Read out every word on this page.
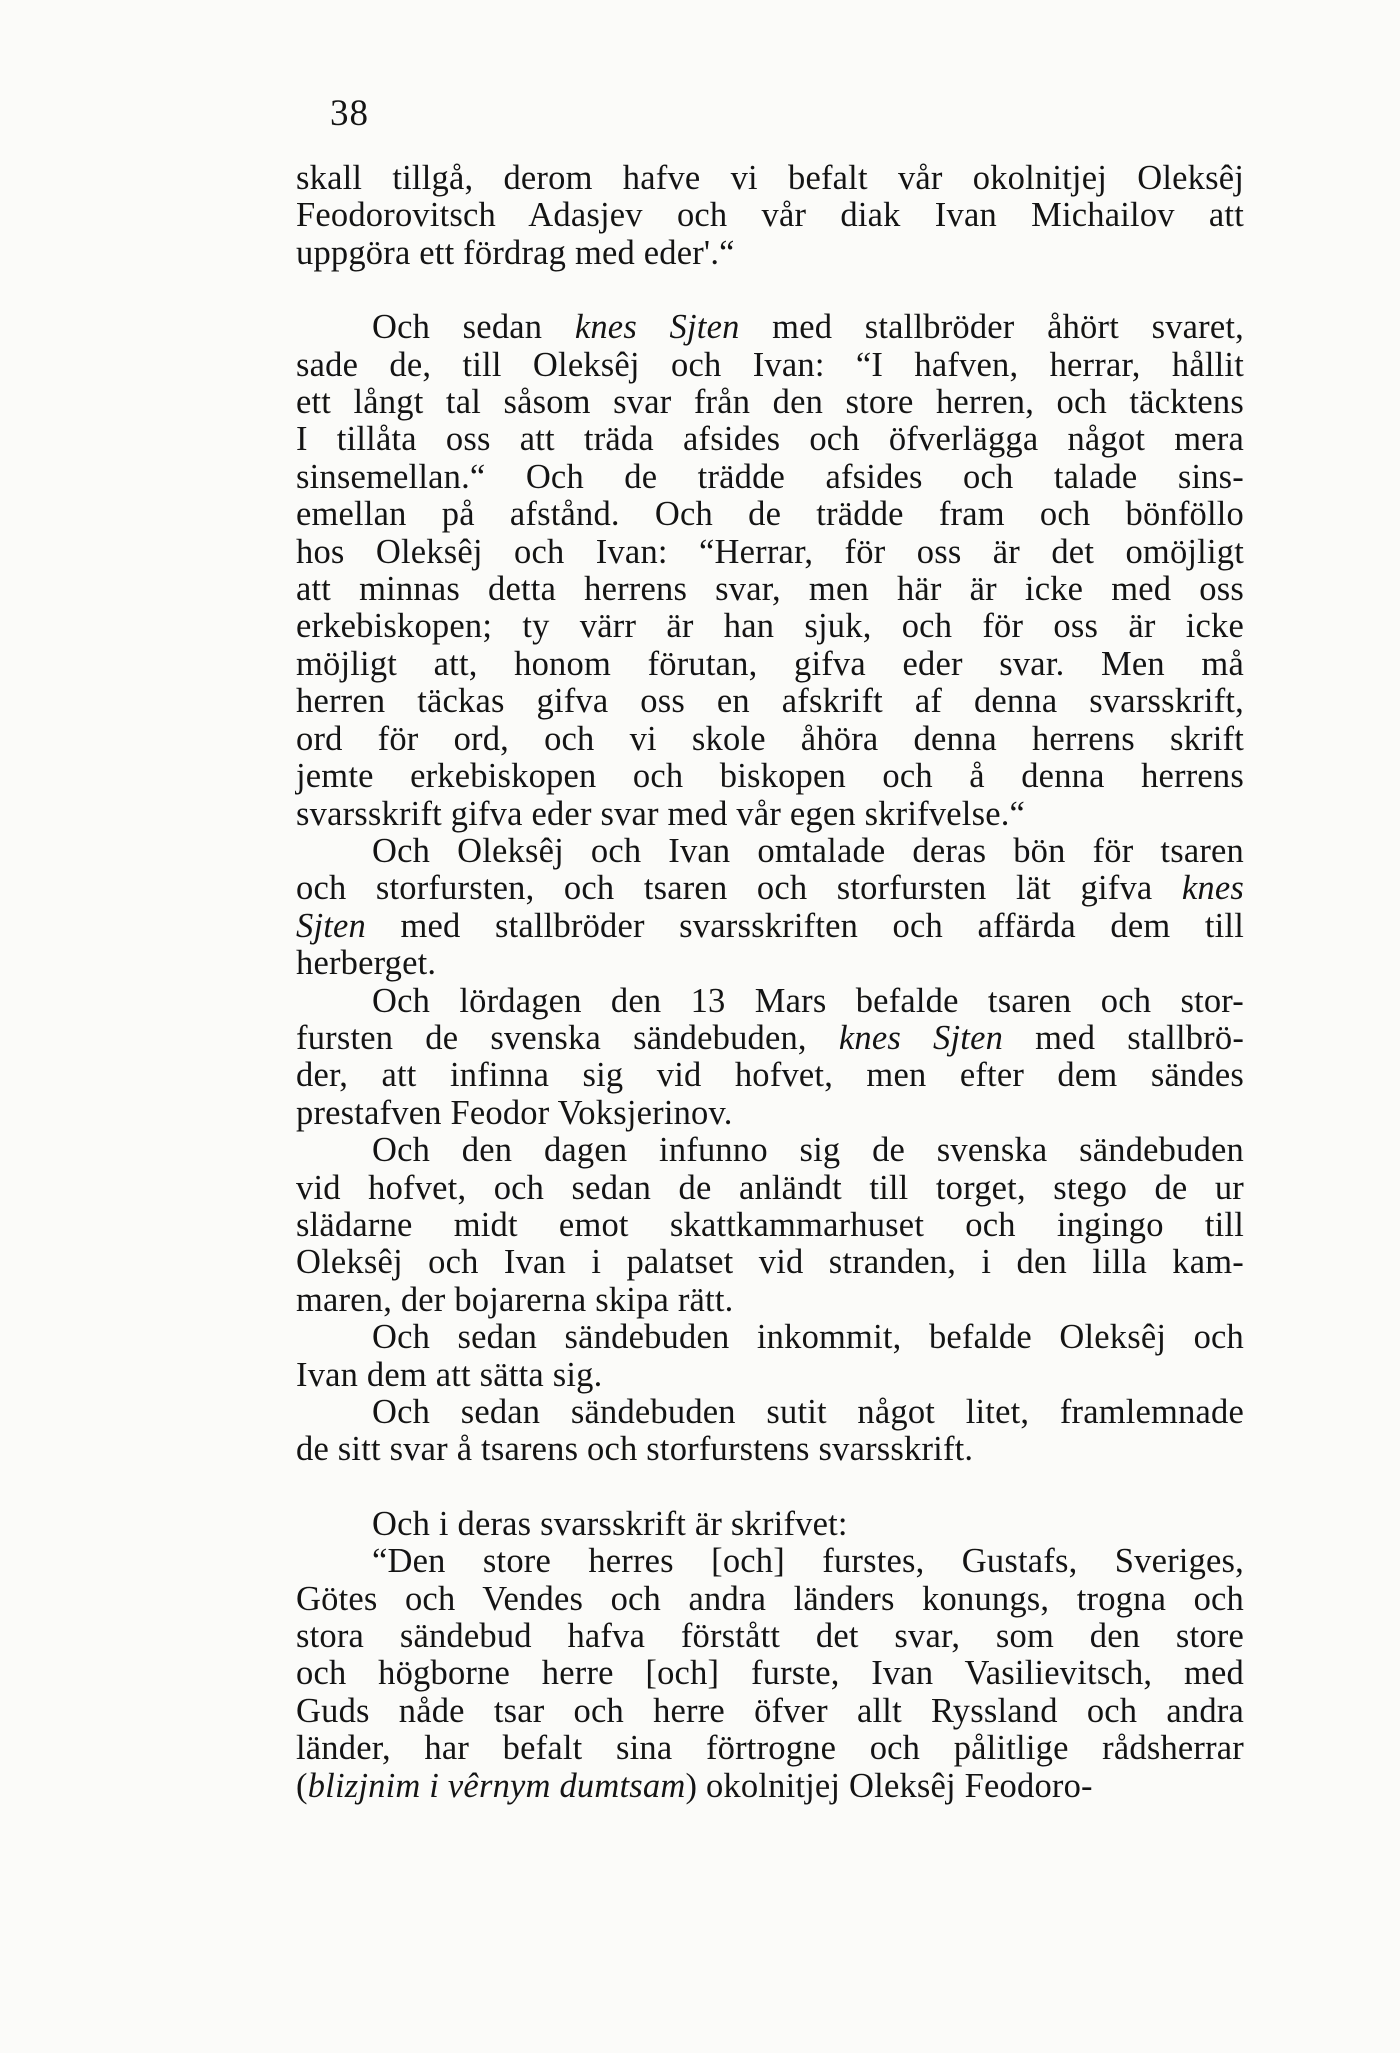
38
skall tillgå, derom hafve vi befalt vår okolnitjej Oleksêj
Feodorovitsch Adasjev och vår diak Ivan Michailov att
uppgöra ett fördrag med eder'.“
Och sedan knes Sjten med stallbröder åhört svaret,
sade de, till Oleksêj och Ivan: “I hafven, herrar, hållit
ett långt tal såsom svar från den store herren, och täcktens
I tillåta oss att träda afsides och öfverlägga något mera
sinsemellan.“ Och de trädde afsides och talade sins-
emellan på afstånd. Och de trädde fram och bönföllo
hos Oleksêj och Ivan: “Herrar, för oss är det omöjligt
att minnas detta herrens svar, men här är icke med oss
erkebiskopen; ty värr är han sjuk, och för oss är icke
möjligt att, honom förutan, gifva eder svar. Men må
herren täckas gifva oss en afskrift af denna svarsskrift,
ord för ord, och vi skole åhöra denna herrens skrift
jemte erkebiskopen och biskopen och å denna herrens
svarsskrift gifva eder svar med vår egen skrifvelse.“
Och Oleksêj och Ivan omtalade deras bön för tsaren
och storfursten, och tsaren och storfursten lät gifva knes
Sjten med stallbröder svarsskriften och affärda dem till
herberget.
Och lördagen den 13 Mars befalde tsaren och stor-
fursten de svenska sändebuden, knes Sjten med stallbrö-
der, att infinna sig vid hofvet, men efter dem sändes
prestafven Feodor Voksjerinov.
Och den dagen infunno sig de svenska sändebuden
vid hofvet, och sedan de anländt till torget, stego de ur
slädarne midt emot skattkammarhuset och ingingo till
Oleksêj och Ivan i palatset vid stranden, i den lilla kam-
maren, der bojarerna skipa rätt.
Och sedan sändebuden inkommit, befalde Oleksêj och
Ivan dem att sätta sig.
Och sedan sändebuden sutit något litet, framlemnade
de sitt svar å tsarens och storfurstens svarsskrift.
Och i deras svarsskrift är skrifvet:
“Den store herres [och] furstes, Gustafs, Sveriges,
Götes och Vendes och andra länders konungs, trogna och
stora sändebud hafva förstått det svar, som den store
och högborne herre [och] furste, Ivan Vasilievitsch, med
Guds nåde tsar och herre öfver allt Ryssland och andra
länder, har befalt sina förtrogne och pålitlige rådsherrar
(blizjnim i vêrnym dumtsam) okolnitjej Oleksêj Feodoro-
